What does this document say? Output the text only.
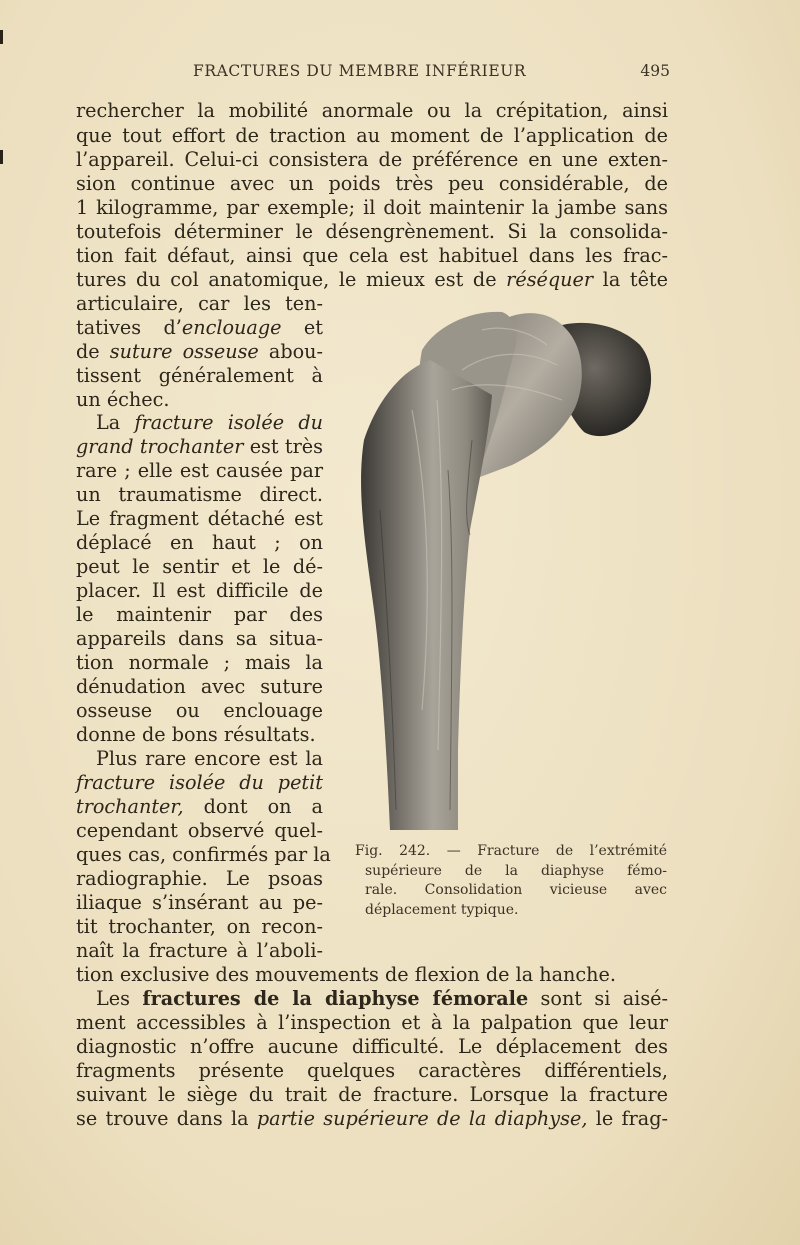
FRACTURES DU MEMBRE INFÉRIEUR	495
rechercher la mobilité anormale ou la crépitation, ainsi
que tout effort de traction au moment de l’application de
l’appareil. Celui-ci consistera de préférence en une exten-
sion continue avec un poids très peu considérable, de
1 kilogramme, par exemple; il doit maintenir la jambe sans
toutefois déterminer le désengrènement. Si la consolida-
tion fait défaut, ainsi que cela est habituel dans les frac-
tures du col anatomique, le mieux est de réséquer la tête
articulaire, car les ten-
tatives d’enclouage et
de suture osseuse abou-
tissent généralement à
un échec.
La fracture isolée du
grand trochanter est très
rare ; elle est causée par
un traumatisme direct.
Le fragment détaché est
déplacé en haut ; on
peut le sentir et le dé-
placer. Il est difficile de
le maintenir par des
appareils dans sa situa-
tion normale ; mais la
dénudation avec suture
osseuse ou enclouage
donne de bons résultats.
Plus rare encore est la
fracture isolée du petit
trochanter, dont on a
cependant observé quel-
ques cas, confirmés par la
radiographie. Le psoas
iliaque s’insérant au pe-
tit trochanter, on recon-
naît la fracture à l’aboli-
tion exclusive des mouvements de flexion de la hanche.
Les fractures de la diaphyse fémorale sont si aisé-
ment accessibles à l’inspection et à la palpation que leur
diagnostic n’offre aucune difficulté. Le déplacement des
fragments présente quelques caractères différentiels,
suivant le siège du trait de fracture. Lorsque la fracture
se trouve dans la partie supérieure de la diaphyse, le frag-
Fig. 242. — Fracture de l’extrémité
supérieure de la diaphyse fémo-
rale. Consolidation vicieuse avec
déplacement typique.
